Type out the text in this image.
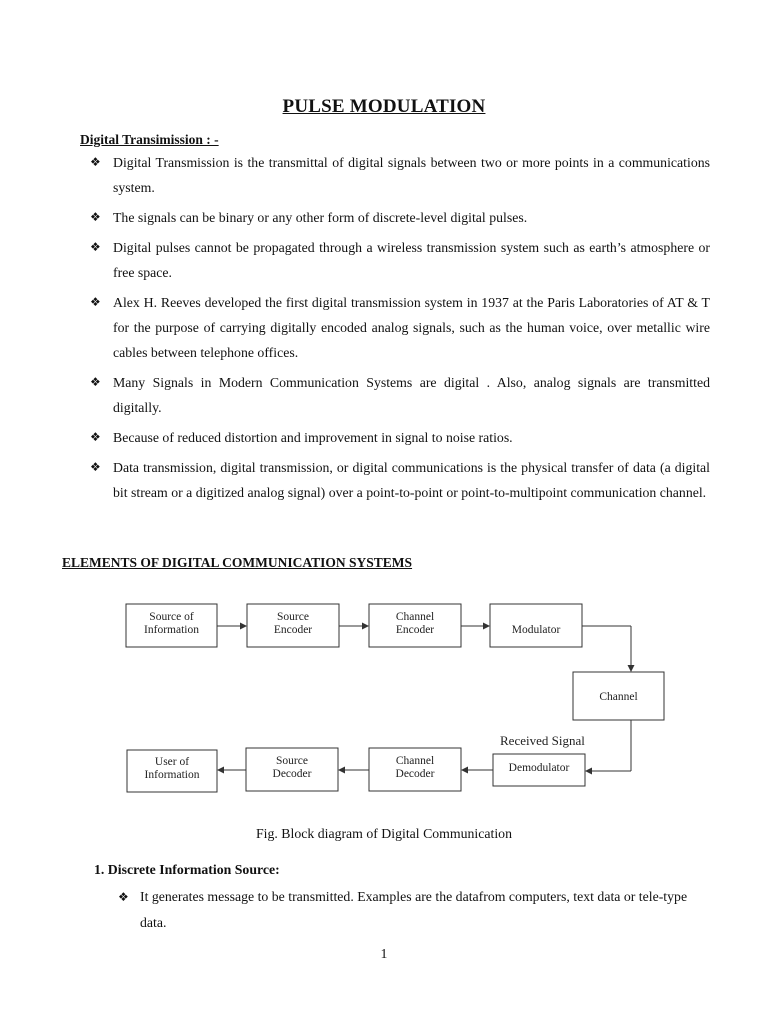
PULSE MODULATION
Digital Transimission : -
❖ Digital Transmission is the transmittal of digital signals between two or more points in a communications system.
❖ The signals can be binary or any other form of discrete-level digital pulses.
❖ Digital pulses cannot be propagated through a wireless transmission system such as earth’s atmosphere or free space.
❖ Alex H. Reeves developed the first digital transmission system in 1937 at the Paris Laboratories of AT & T for the purpose of carrying digitally encoded analog signals, such as the human voice, over metallic wire cables between telephone offices.
❖ Many Signals in Modern Communication Systems are digital . Also, analog signals are transmitted digitally.
❖ Because of reduced distortion and improvement in signal to noise ratios.
❖ Data transmission, digital transmission, or digital communications is the physical transfer of data (a digital bit stream or a digitized analog signal) over a point-to-point or point-to-multipoint communication channel.
ELEMENTS OF DIGITAL COMMUNICATION SYSTEMS
Source of
Information
Source
Encoder
Channel
Encoder	Modulator
Channel
Received Signal
Demodulator
Channel
Decoder
Source
Decoder
User of
Information
Fig. Block diagram of Digital Communication
1. Discrete Information Source:
❖ It generates message to be transmitted. Examples are the datafrom computers, text data or tele-type data.
1
